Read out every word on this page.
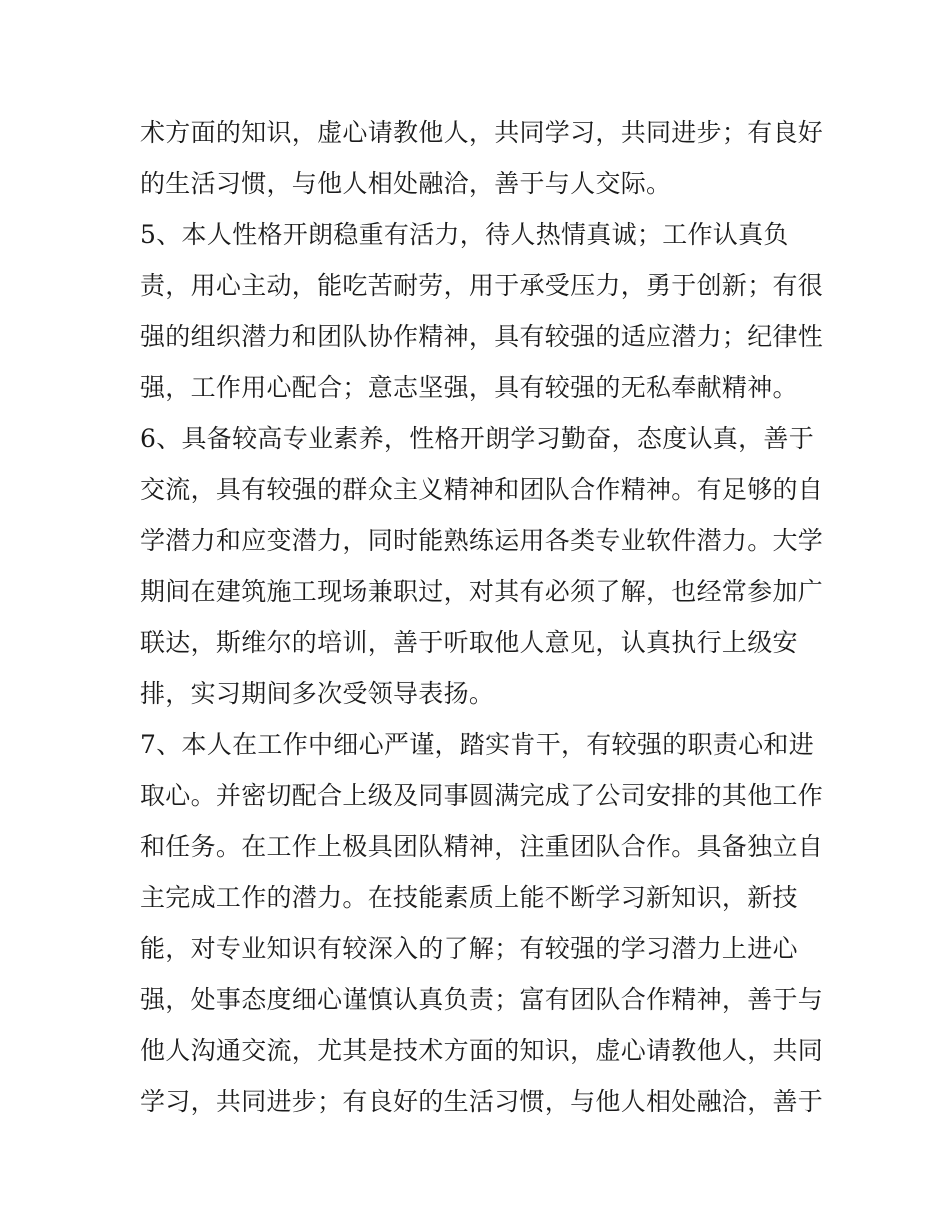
术方面的知识，虚心请教他人，共同学习，共同进步；有良好
的生活习惯，与他人相处融洽，善于与人交际。
5、本人性格开朗稳重有活力，待人热情真诚；工作认真负
责，用心主动，能吃苦耐劳，用于承受压力，勇于创新；有很
强的组织潜力和团队协作精神，具有较强的适应潜力；纪律性
强，工作用心配合；意志坚强，具有较强的无私奉献精神。
6、具备较高专业素养，性格开朗学习勤奋，态度认真，善于
交流，具有较强的群众主义精神和团队合作精神。有足够的自
学潜力和应变潜力，同时能熟练运用各类专业软件潜力。大学
期间在建筑施工现场兼职过，对其有必须了解，也经常参加广
联达，斯维尔的培训，善于听取他人意见，认真执行上级安
排，实习期间多次受领导表扬。
7、本人在工作中细心严谨，踏实肯干，有较强的职责心和进
取心。并密切配合上级及同事圆满完成了公司安排的其他工作
和任务。在工作上极具团队精神，注重团队合作。具备独立自
主完成工作的潜力。在技能素质上能不断学习新知识，新技
能，对专业知识有较深入的了解；有较强的学习潜力上进心
强，处事态度细心谨慎认真负责；富有团队合作精神，善于与
他人沟通交流，尤其是技术方面的知识，虚心请教他人，共同
学习，共同进步；有良好的生活习惯，与他人相处融洽，善于
